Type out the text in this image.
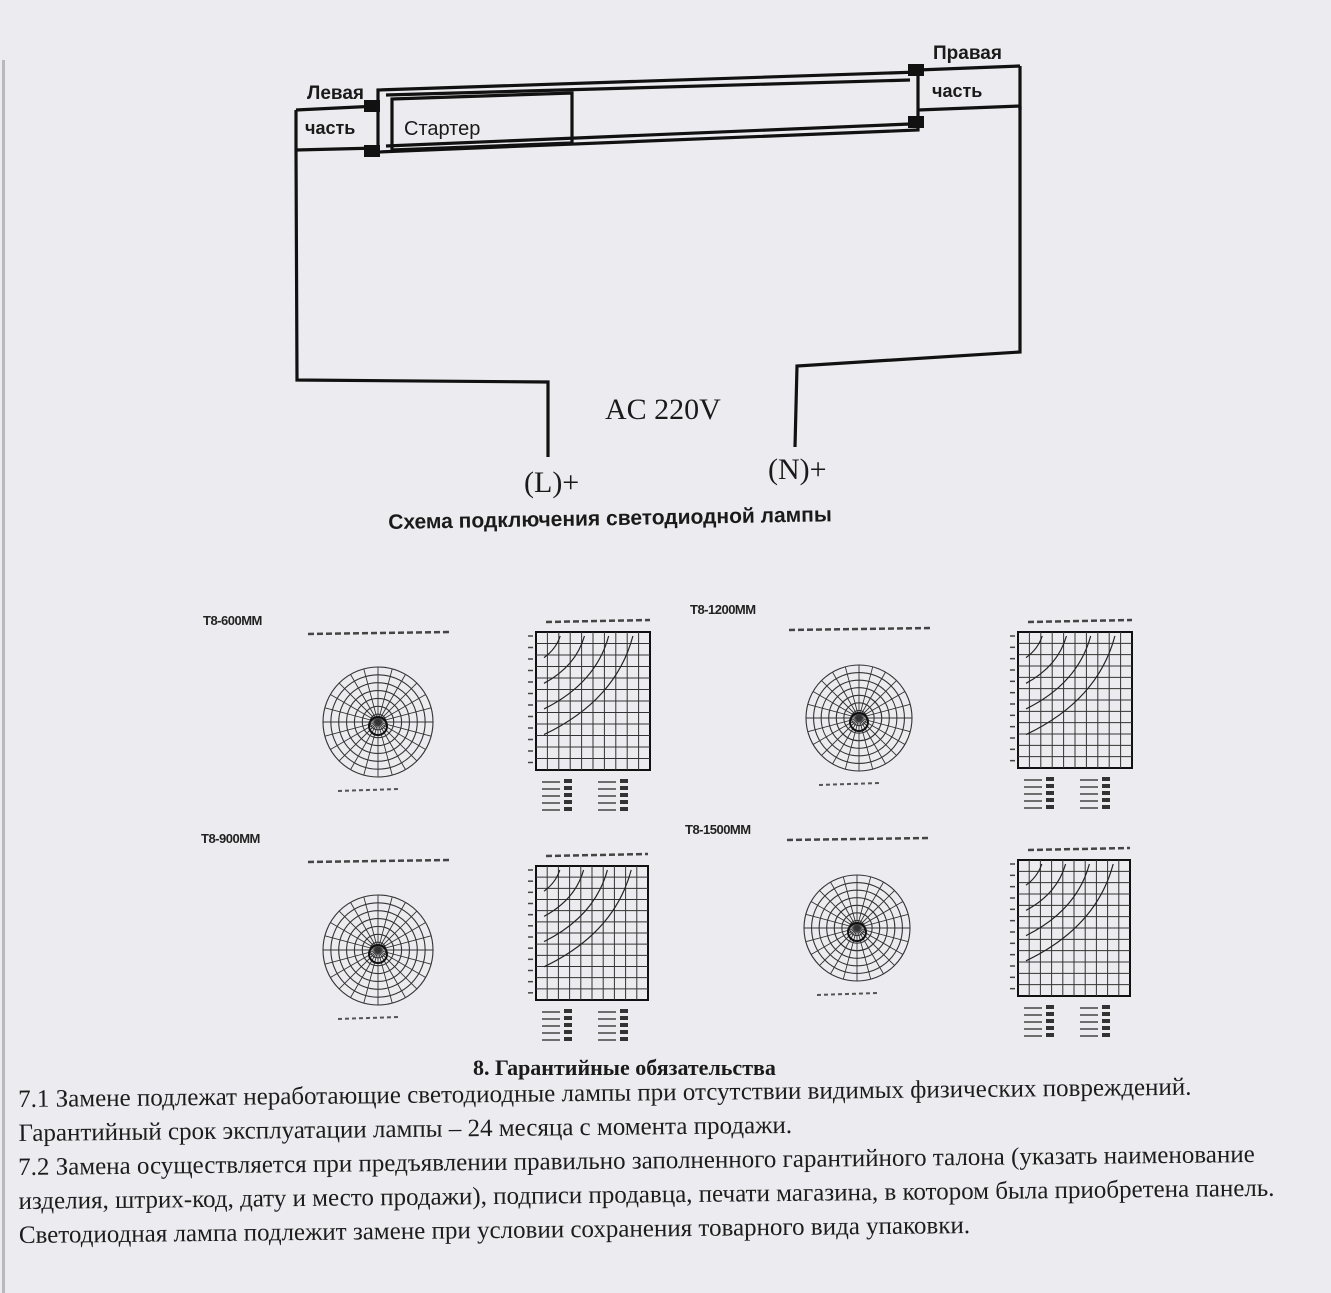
Левая
часть
Правая
часть
Стартер
AC 220V
(L)+	(N)+
Схема подключения светодиодной лампы
T8-600MM
T8-1200MM
T8-900MM
T8-1500MM
8. Гарантийные обязательства
7.1 Замене подлежат неработающие светодиодные лампы при отсутствии видимых физических повреждений. Гарантийный срок эксплуатации лампы – 24 месяца с момента продажи.
7.2 Замена осуществляется при предъявлении правильно заполненного гарантийного талона (указать наименование изделия, штрих-код, дату и место продажи), подписи продавца, печати магазина, в котором была приобретена панель. Светодиодная лампа подлежит замене при условии сохранения товарного вида упаковки.
